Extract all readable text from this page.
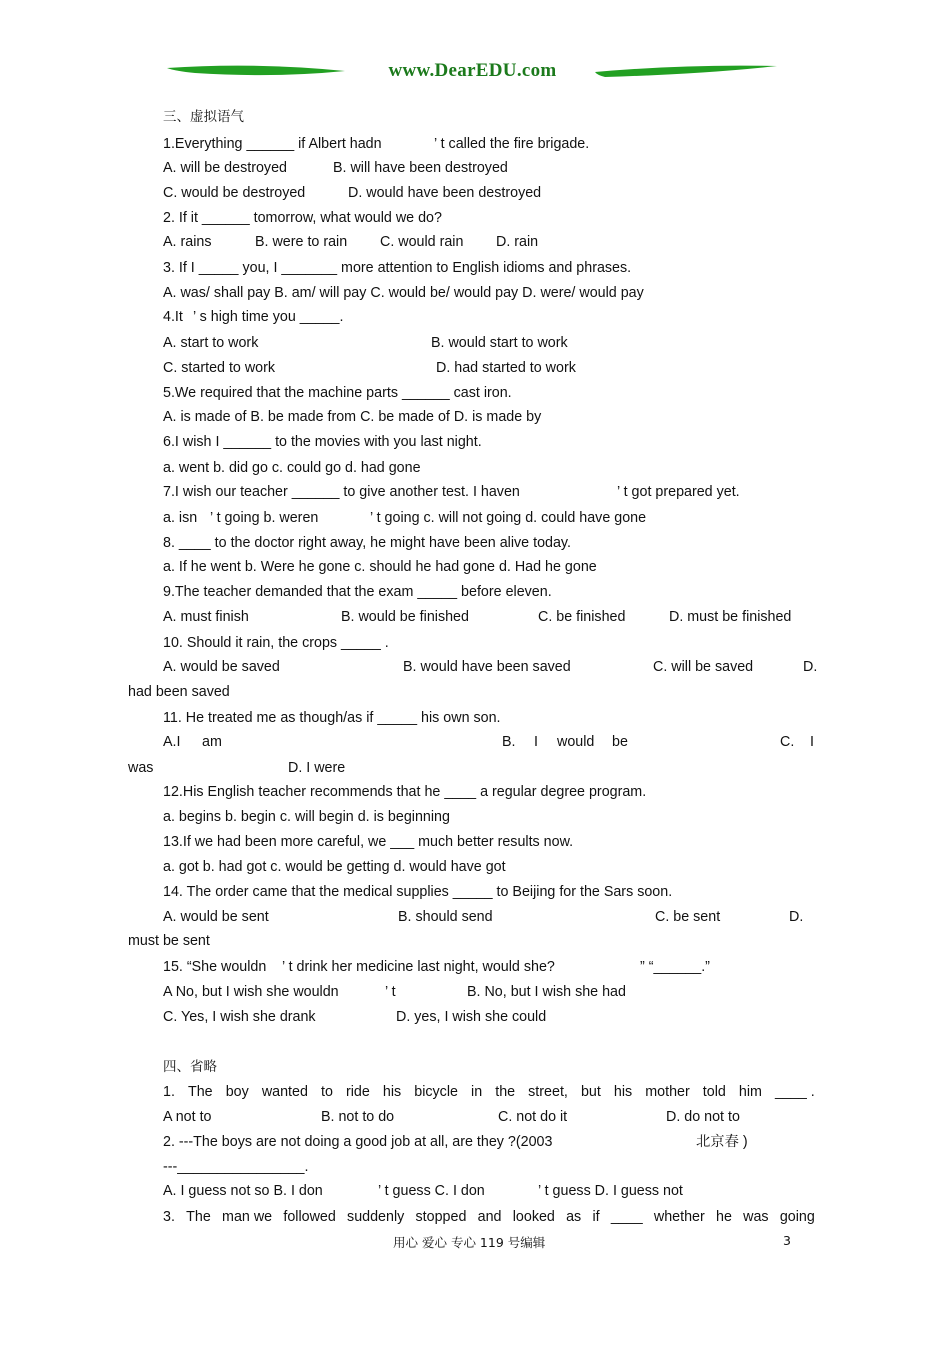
www.DearEDU.com
三、虚拟语气
1.Everything ______ if Albert hadn	’ t called the fire brigade.
A. will be destroyed	B. will have been destroyed
C. would be destroyed	D. would have been destroyed
2. If it ______ tomorrow, what would we do?
A. rains	B. were to rain C. would rain D. rain
3. If I _____ you, I _______ more attention to English idioms and phrases.
A. was/ shall pay B. am/ will pay C. would be/ would pay D. were/ would pay
4.It ’ s high time you _____.
A. start to work	B. would start to work
C. started to work	D. had started to work
5.We required that the machine parts ______ cast iron.
A. is made of B. be made from C. be made of D. is made by
6.I wish I ______ to the movies with you last night.
a. went b. did go c. could go d. had gone
7.I wish our teacher ______ to give another test. I haven	’ t got prepared yet.
a. isn ’ t going b. weren	’ t going c. will not going d. could have gone
8. ____ to the doctor right away, he might have been alive today.
a. If he went b. Were he gone c. should he had gone d. Had he gone
9.The teacher demanded that the exam _____ before eleven.
A. must finish	B. would be finished	C. be finished	D. must be finished
10. Should it rain, the crops _____ .
A. would be saved	B. would have been saved	C. will be saved	D.
had been saved
11. He treated me as though/as if _____ his own son.
A.I am	B. I would be	C. I
was	D. I were
12.His English teacher recommends that he ____ a regular degree program.
a. begins b. begin c. will begin d. is beginning
13.If we had been more careful, we ___ much better results now.
a. got b. had got c. would be getting d. would have got
14. The order came that the medical supplies _____ to Beijing for the Sars soon.
A. would be sent	B. should send	C. be sent	D.
must be sent
15. “She wouldn ’ t drink her medicine last night, would she?	” “______.”
A No, but I wish she wouldn	’ t	B. No, but I wish she had
C. Yes, I wish she drank	D. yes, I wish she could
四、省略
1. The boy wanted to ride his bicycle in the street, but his mother told him ____ .
A not to	B. not to do	C. not do it	D. do not to
2. ---The boys are not doing a good job at all, are they ?(2003	北京春 )
---________________.
A. I guess not so B. I don	’ t guess C. I don	’ t guess D. I guess not
3. The man we followed suddenly stopped and looked as if ____ whether he was going
用心 爱心 专心 119 号编辑	3
